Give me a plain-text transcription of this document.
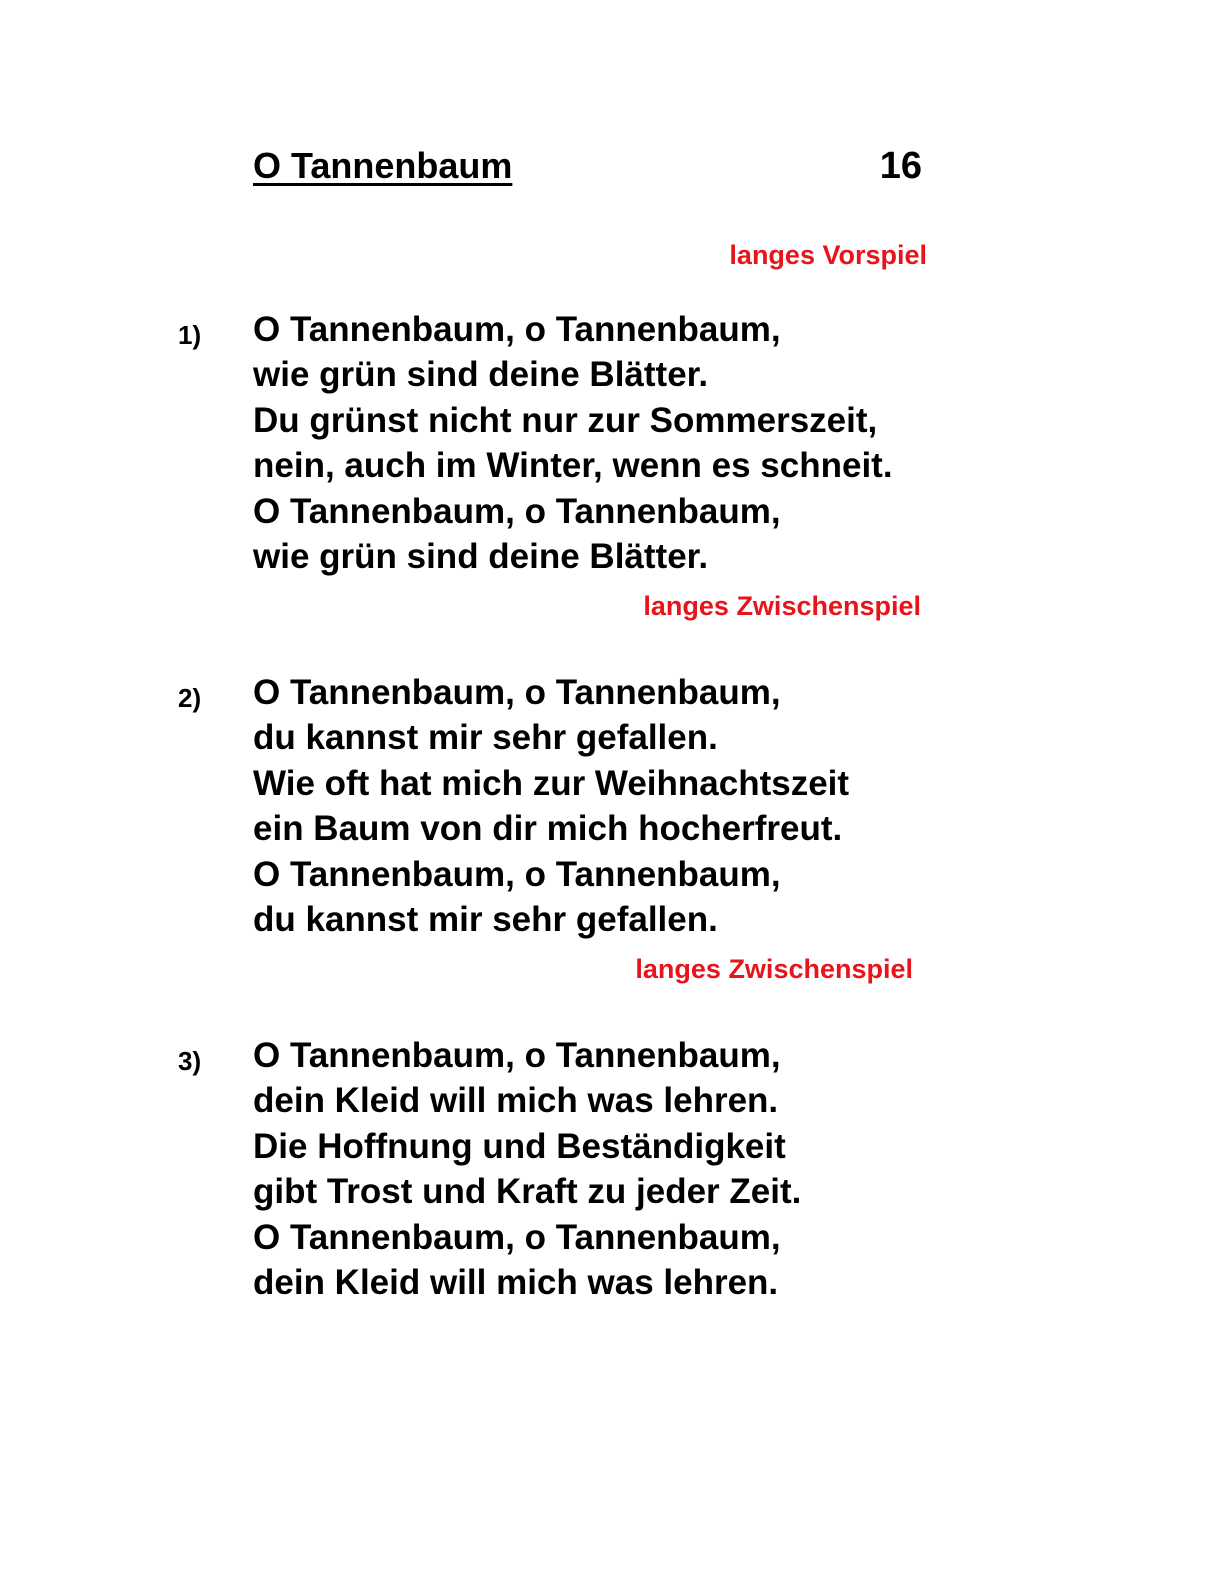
O Tannenbaum	16
langes Vorspiel
1) O Tannenbaum, o Tannenbaum,
wie grün sind deine Blätter.
Du grünst nicht nur zur Sommerszeit,
nein, auch im Winter, wenn es schneit.
O Tannenbaum, o Tannenbaum,
wie grün sind deine Blätter.
langes Zwischenspiel
2) O Tannenbaum, o Tannenbaum,
du kannst mir sehr gefallen.
Wie oft hat mich zur Weihnachtszeit
ein Baum von dir mich hocherfreut.
O Tannenbaum, o Tannenbaum,
du kannst mir sehr gefallen.
langes Zwischenspiel
3) O Tannenbaum, o Tannenbaum,
dein Kleid will mich was lehren.
Die Hoffnung und Beständigkeit
gibt Trost und Kraft zu jeder Zeit.
O Tannenbaum, o Tannenbaum,
dein Kleid will mich was lehren.
